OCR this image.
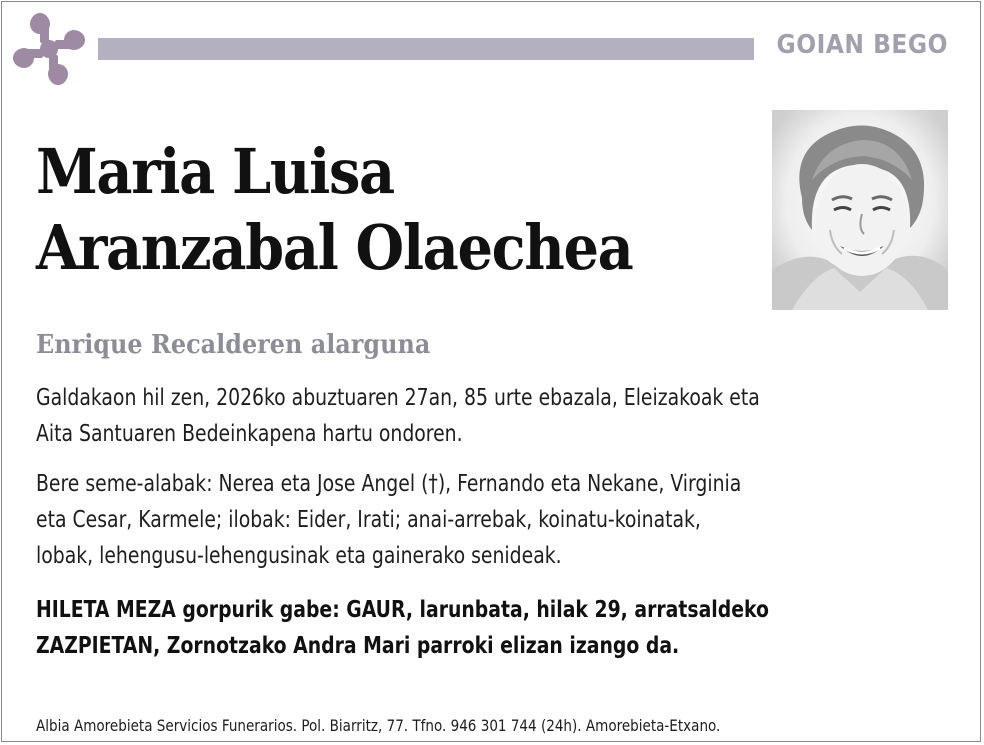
GOIAN BEGO
Maria Luisa
Aranzabal Olaechea
Enrique Recalderen alarguna

Galdakaon hil zen, 2026ko abuztuaren 27an, 85 urte ebazala, Eleizakoak eta
Aita Santuaren Bedeinkapena hartu ondoren.

Bere seme-alabak: Nerea eta Jose Angel (†), Fernando eta Nekane, Virginia
eta Cesar, Karmele; ilobak: Eider, Irati; anai-arrebak, koinatu-koinatak,
lobak, lehengusu-lehengusinak eta gainerako senideak.

HILETA MEZA gorpurik gabe: GAUR, larunbata, hilak 29, arratsaldeko
ZAZPIETAN, Zornotzako Andra Mari parroki elizan izango da.

Albia Amorebieta Servicios Funerarios. Pol. Biarritz, 77. Tfno. 946 301 744 (24h). Amorebieta-Etxano.
